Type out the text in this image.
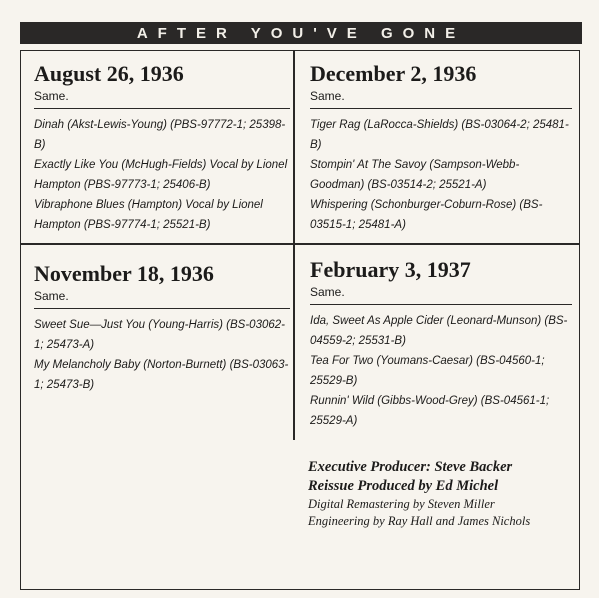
AFTER YOU'VE GONE
August 26, 1936

Same.

Dinah (Akst-Lewis-Young) (PBS-97772-1; 25398-B)
Exactly Like You (McHugh-Fields) Vocal by Lionel Hampton (PBS-97773-1; 25406-B)
Vibraphone Blues (Hampton) Vocal by Lionel Hampton (PBS-97774-1; 25521-B)
December 2, 1936

Same.

Tiger Rag (LaRocca-Shields) (BS-03064-2; 25481-B)
Stompin' At The Savoy (Sampson-Webb-Goodman) (BS-03514-2; 25521-A)
Whispering (Schonburger-Coburn-Rose) (BS-03515-1; 25481-A)
November 18, 1936

Same.

Sweet Sue—Just You (Young-Harris) (BS-03062-1; 25473-A)
My Melancholy Baby (Norton-Burnett) (BS-03063-1; 25473-B)
February 3, 1937

Same.

Ida, Sweet As Apple Cider (Leonard-Munson) (BS-04559-2; 25531-B)
Tea For Two (Youmans-Caesar) (BS-04560-1; 25529-B)
Runnin' Wild (Gibbs-Wood-Grey) (BS-04561-1; 25529-A)
Executive Producer: Steve Backer
Reissue Produced by Ed Michel
Digital Remastering by Steven Miller
Engineering by Ray Hall and James Nichols
